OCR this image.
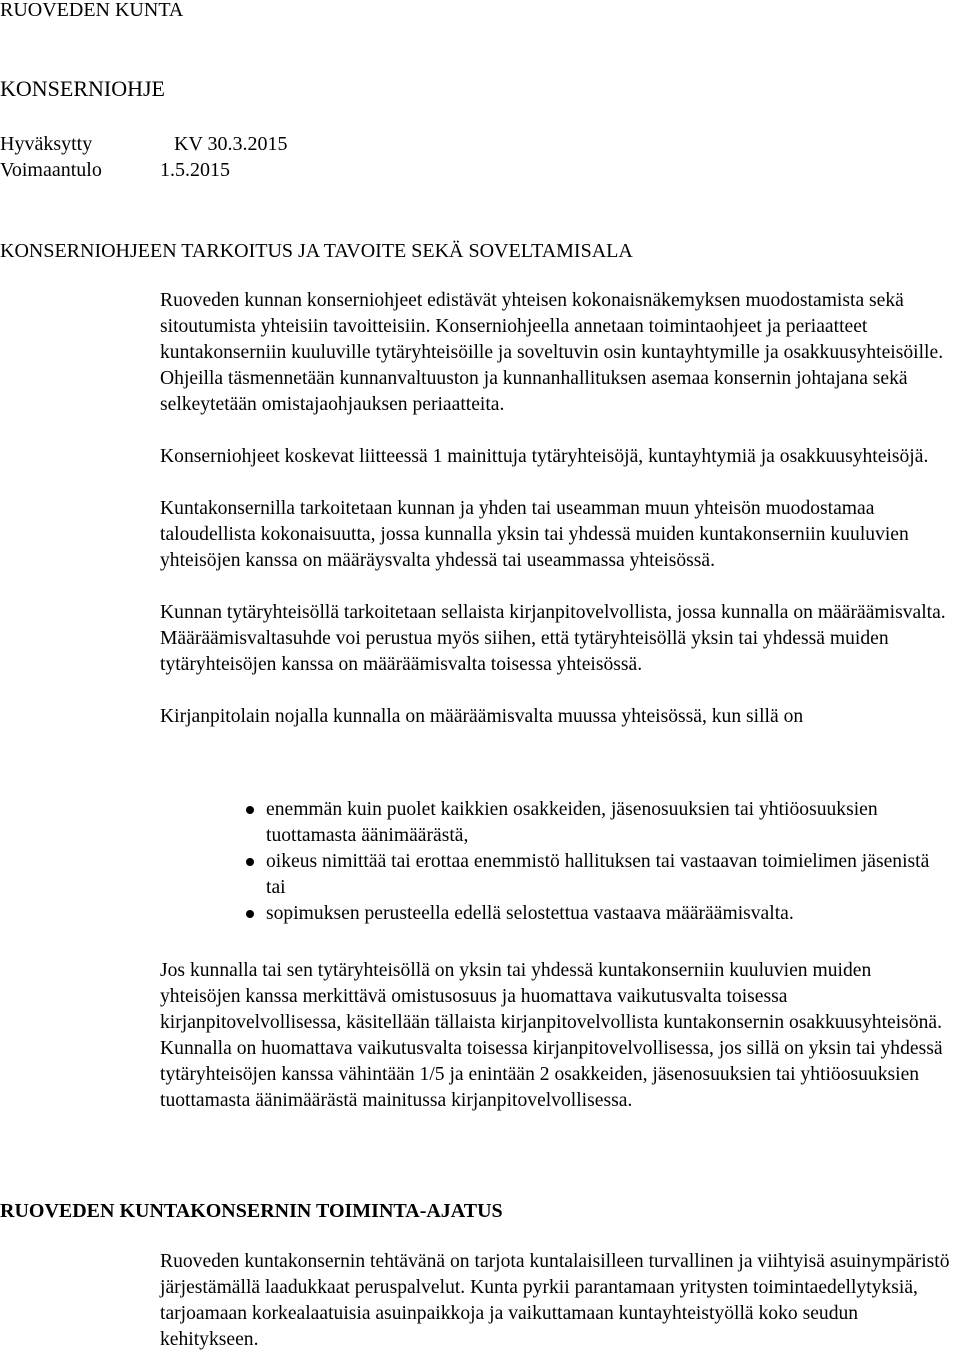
RUOVEDEN KUNTA
KONSERNIOHJE
Hyväksytty	KV 30.3.2015
Voimaantulo	1.5.2015
KONSERNIOHJEEN TARKOITUS JA TAVOITE SEKÄ SOVELTAMISALA

Ruoveden kunnan konserniohjeet edistävät yhteisen kokonaisnäkemyksen muodostamista sekä sitoutumista yhteisiin tavoitteisiin. Konserniohjeella annetaan toimintaohjeet ja periaatteet kuntakonserniin kuuluville tytäryhteisöille ja soveltuvin osin kuntayhtymille ja osakkuusyhteisöille. Ohjeilla täsmennetään kunnanvaltuuston ja kunnanhallituksen asemaa konsernin johtajana sekä selkeytetään omistajaohjauksen periaatteita.

Konserniohjeet koskevat liitteessä 1 mainittuja tytäryhteisöjä, kuntayhtymiä ja osakkuusyhteisöjä.

Kuntakonsernilla tarkoitetaan kunnan ja yhden tai useamman muun yhteisön muodostamaa taloudellista kokonaisuutta, jossa kunnalla yksin tai yhdessä muiden kuntakonserniin kuuluvien yhteisöjen kanssa on määräysvalta yhdessä tai useammassa yhteisössä.

Kunnan tytäryhteisöllä tarkoitetaan sellaista kirjanpitovelvollista, jossa kunnalla on määräämisvalta. Määräämisvaltasuhde voi perustua myös siihen, että tytäryhteisöllä yksin tai yhdessä muiden tytäryhteisöjen kanssa on määräämisvalta toisessa yhteisössä.

Kirjanpitolain nojalla kunnalla on määräämisvalta muussa yhteisössä, kun sillä on

enemmän kuin puolet kaikkien osakkeiden, jäsenosuuksien tai yhtiöosuuksien tuottamasta äänimäärästä,
oikeus nimittää tai erottaa enemmistö hallituksen tai vastaavan toimielimen jäsenistä tai
sopimuksen perusteella edellä selostettua vastaava määräämisvalta.

Jos kunnalla tai sen tytäryhteisöllä on yksin tai yhdessä kuntakonserniin kuuluvien muiden yhteisöjen kanssa merkittävä omistusosuus ja huomattava vaikutusvalta toisessa kirjanpitovelvollisessa, käsitellään tällaista kirjanpitovelvollista kuntakonsernin osakkuusyhteisönä. Kunnalla on huomattava vaikutusvalta toisessa kirjanpitovelvollisessa, jos sillä on yksin tai yhdessä tytäryhteisöjen kanssa vähintään 1/5 ja enintään 2 osakkeiden, jäsenosuuksien tai yhtiöosuuksien tuottamasta äänimäärästä mainitussa kirjanpitovelvollisessa.

RUOVEDEN KUNTAKONSERNIN TOIMINTA-AJATUS

Ruoveden kuntakonsernin tehtävänä on tarjota kuntalaisilleen turvallinen ja viihtyisä asuinympäristö järjestämällä laadukkaat peruspalvelut. Kunta pyrkii parantamaan yritysten toimintaedellytyksiä, tarjoamaan korkealaatuisia asuinpaikkoja ja vaikuttamaan kuntayhteistyöllä koko seudun kehitykseen.
